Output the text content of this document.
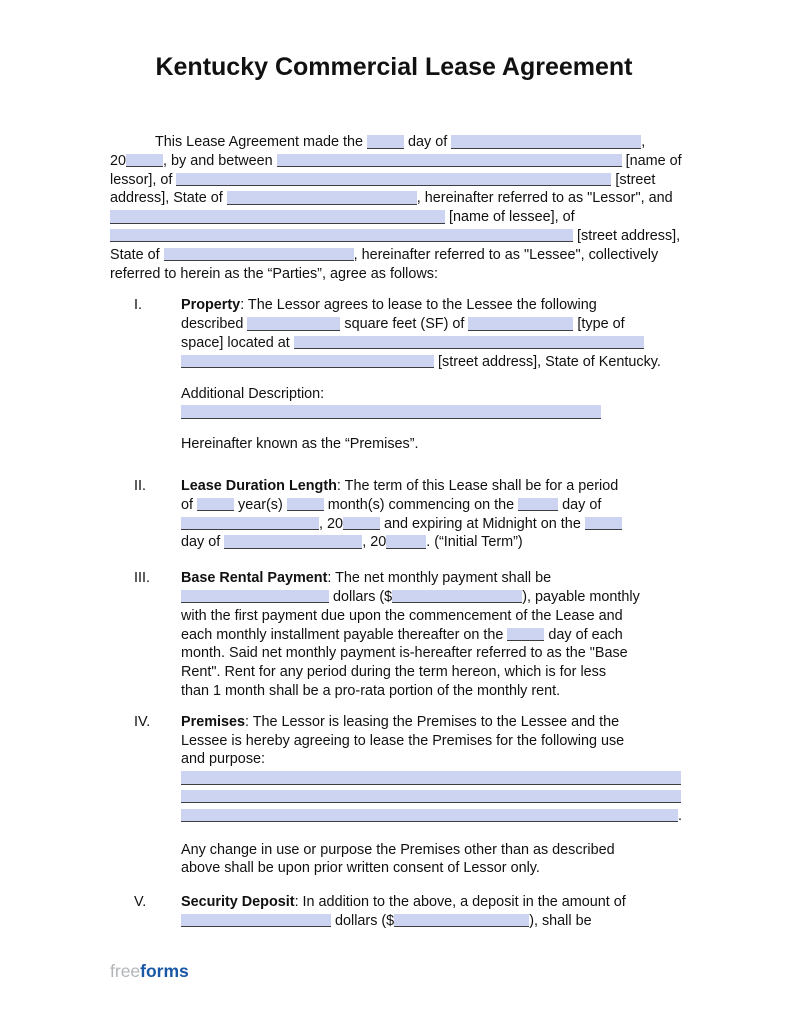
Kentucky Commercial Lease Agreement
This Lease Agreement made the	day of	,
20	, by and between	[name of
lessor], of	[street
address], State of	, hereinafter referred to as "Lessor", and
[name of lessee], of
[street address],
State of	, hereinafter referred to as "Lessee", collectively
referred to herein as the “Parties”, agree as follows:
I.	Property: The Lessor agrees to lease to the Lessee the following
described	square feet (SF) of	[type of
space] located at
[street address], State of Kentucky.
Additional Description:
Hereinafter known as the “Premises”.
II.	Lease Duration Length: The term of this Lease shall be for a period
of	year(s)	month(s) commencing on the	day of
, 20	and expiring at Midnight on the
day of	, 20	. (“Initial Term”)
III.	Base Rental Payment: The net monthly payment shall be
dollars ($	), payable monthly
with the first payment due upon the commencement of the Lease and
each monthly installment payable thereafter on the	day of each
month. Said net monthly payment is-hereafter referred to as the "Base
Rent". Rent for any period during the term hereon, which is for less
than 1 month shall be a pro-rata portion of the monthly rent.
IV.	Premises: The Lessor is leasing the Premises to the Lessee and the
Lessee is hereby agreeing to lease the Premises for the following use
and purpose:
.
Any change in use or purpose the Premises other than as described
above shall be upon prior written consent of Lessor only.
V.	Security Deposit: In addition to the above, a deposit in the amount of
dollars ($	), shall be
freeforms
